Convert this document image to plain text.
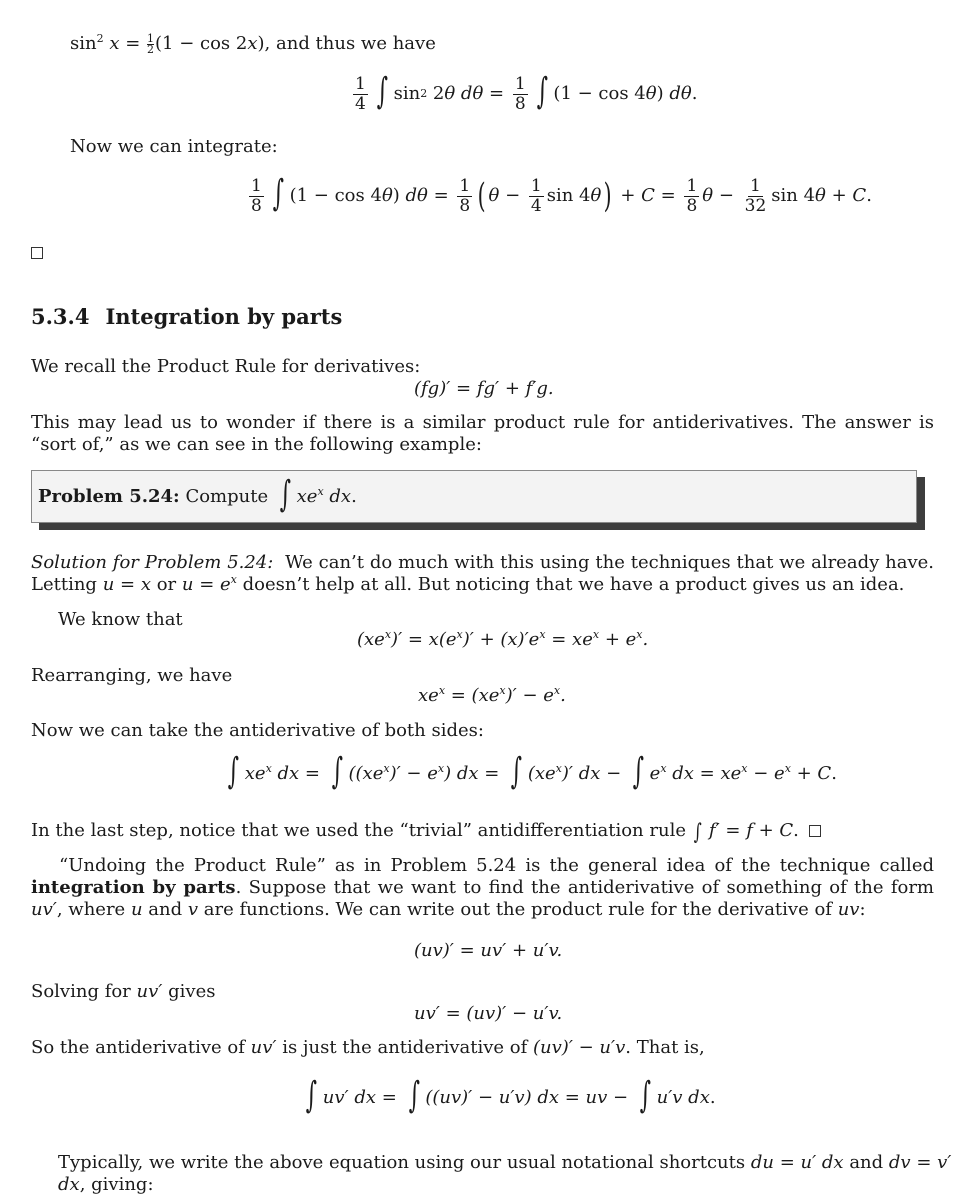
$\sin^2 x = \frac{1}{2} (1 - \cos 2x)$, and thus we have

$\frac{1}{4}$ ∫ sin 2 2 θ $d\theta = \frac{1}{8}$ ∫ (1 − cos 4 θ ) dθ .

Now we can integrate:

$\frac{1}{8}$ ∫ (1 − cos 4 θ ) $d\theta = \frac{1}{8}$ ( $\theta - \frac{1}{4}$ sin 4 θ ) + $C = \frac{1}{8}$ $\theta - \frac{1}{32}$ sin 4 θ + C .
5.3.4 Integration by parts

We recall the Product Rule for derivatives:

(fg)′ = fg′ + f′g.

This may lead us to wonder if there is a similar product rule for antiderivatives. The answer is “sort of,” as we can see in the following example:

Problem 5.24:
Compute
∫ $xe^x$ dx .

Solution for Problem 5.24: We can’t do much with this using the techniques that we already have. Letting u = x or $u = e^x$ doesn’t help at all. But noticing that we have a product gives us an idea.

We know that

$(xe^x)' = x(e^x)' + (x)'e^x = xe^x + e^x$.

Rearranging, we have

$xe^x = (xe^x)' - e^x$.

Now we can take the antiderivative of both sides:

∫ $xe^x$ dx = ∫ $((xe^x)' - e^x)$ dx = ∫ $(xe^x)'$ dx − ∫ $e^x$ dx = $xe^x - e^x + C$ .

In the last step, notice that we used the “trivial” antidifferentiation rule ∫ f′ = f + C.

“Undoing the Product Rule” as in Problem 5.24 is the general idea of the technique called integration by parts. Suppose that we want to find the antiderivative of something of the form uv′, where u and v are functions. We can write out the product rule for the derivative of uv:

(uv)′ = uv′ + u′v.

Solving for uv′ gives

uv′ = (uv)′ − u′v.

So the antiderivative of uv′ is just the antiderivative of (uv)′ − u′v. That is,

∫ uv′ dx = ∫ ((uv)′ − u′v) dx = uv − ∫ u′v dx .

Typically, we write the above equation using our usual notational shortcuts du = u′ dx and dv = v′ dx, giving:
